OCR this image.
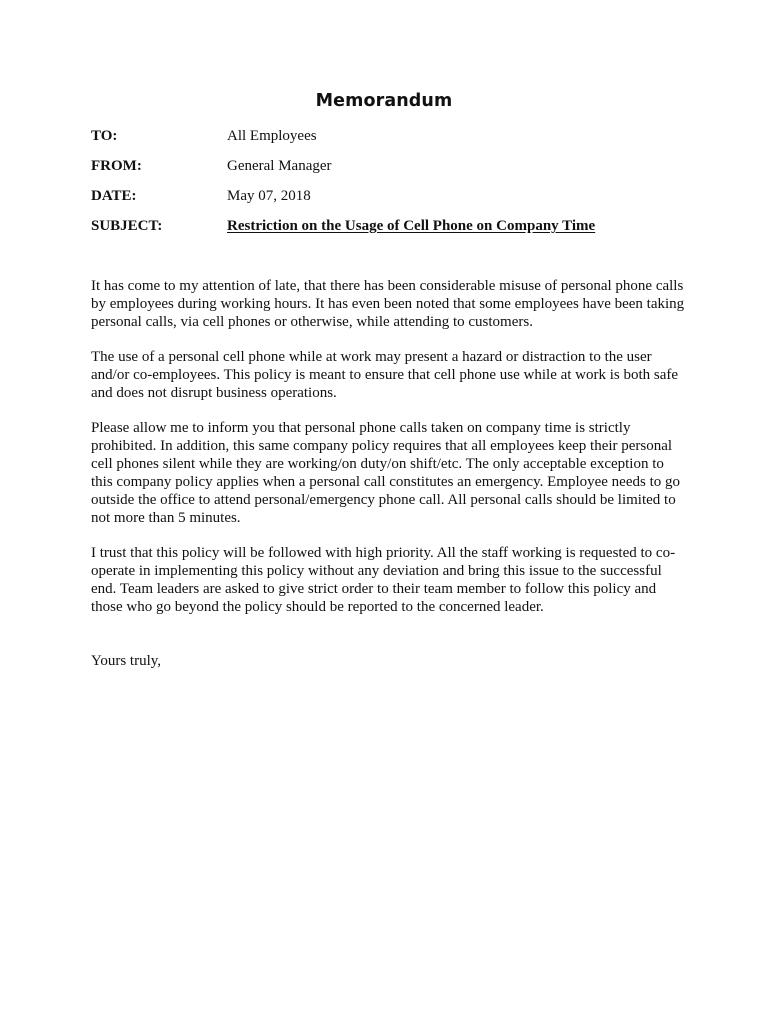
Memorandum
TO:	All Employees
FROM:	General Manager
DATE:	May 07, 2018
SUBJECT:	Restriction on the Usage of Cell Phone on Company Time

It has come to my attention of late, that there has been considerable misuse of personal phone calls by employees during working hours. It has even been noted that some employees have been taking personal calls, via cell phones or otherwise, while attending to customers.

The use of a personal cell phone while at work may present a hazard or distraction to the user and/or co-employees. This policy is meant to ensure that cell phone use while at work is both safe and does not disrupt business operations.

Please allow me to inform you that personal phone calls taken on company time is strictly prohibited. In addition, this same company policy requires that all employees keep their personal cell phones silent while they are working/on duty/on shift/etc. The only acceptable exception to this company policy applies when a personal call constitutes an emergency. Employee needs to go outside the office to attend personal/emergency phone call. All personal calls should be limited to not more than 5 minutes.

I trust that this policy will be followed with high priority. All the staff working is requested to co-operate in implementing this policy without any deviation and bring this issue to the successful end. Team leaders are asked to give strict order to their team member to follow this policy and those who go beyond the policy should be reported to the concerned leader.

Yours truly,
